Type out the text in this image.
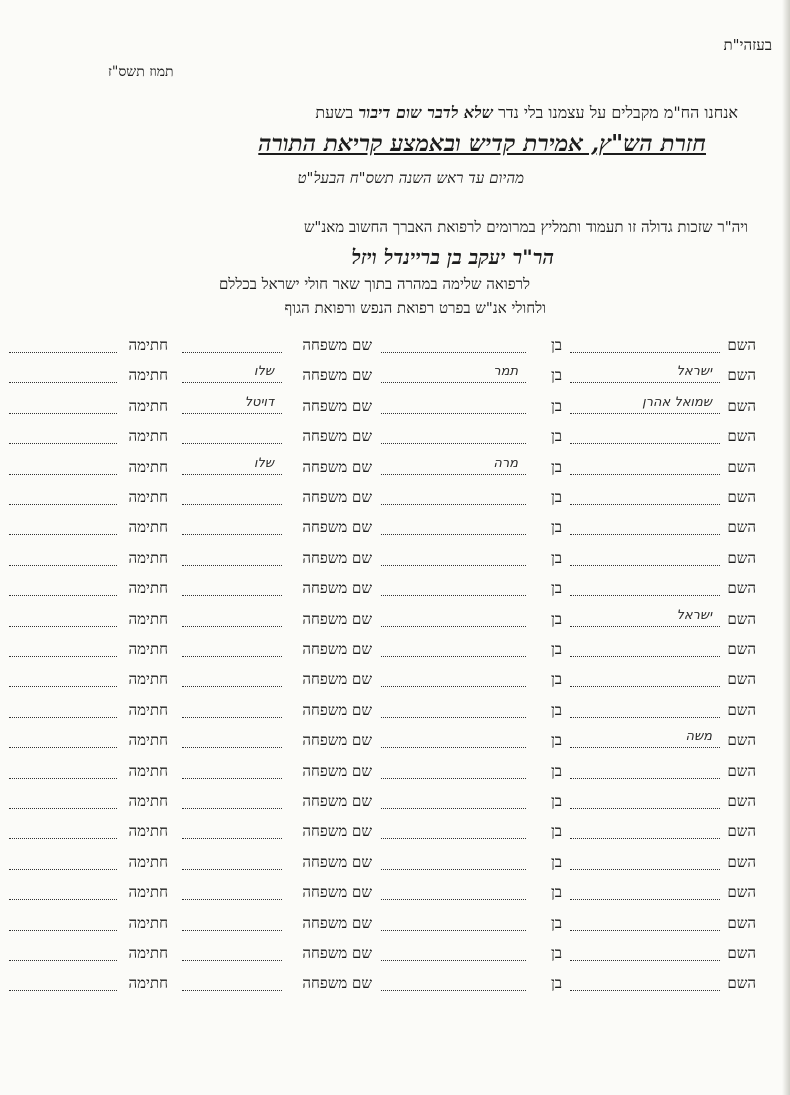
בעזהי"ת
תמוז תשס"ז
אנחנו הח"מ מקבלים על עצמנו בלי נדר שלא לדבר שום דיבור בשעת
חזרת הש"ץ, אמירת קדיש ובאמצע קריאת התורה
מהיום עד ראש השנה תשס"ח הבעל"ט
ויה"ר שזכות גדולה זו תעמוד ותמליץ במרומים לרפואת האברך החשוב מאנ"ש
הר"ר יעקב בן בריינדל ויזל
לרפואה שלימה במהרה בתוך שאר חולי ישראל בכללם
ולחולי אנ"ש בפרט רפואת הנפש ורפואת הגוף
השם
בן
שם משפחה
חתימה
השם
ישראל
בן
תמר
שם משפחה
שלו
חתימה
השם
שמואל אהרן
בן
שם משפחה
דויטל
חתימה
השם
בן
שם משפחה
חתימה
השם
בן
מרה
שם משפחה
שלו
חתימה
השם
בן
שם משפחה
חתימה
השם
בן
שם משפחה
חתימה
השם
בן
שם משפחה
חתימה
השם
בן
שם משפחה
חתימה
השם
ישראל
בן
שם משפחה
חתימה
השם
בן
שם משפחה
חתימה
השם
בן
שם משפחה
חתימה
השם
בן
שם משפחה
חתימה
השם
משה
בן
שם משפחה
חתימה
השם
בן
שם משפחה
חתימה
השם
בן
שם משפחה
חתימה
השם
בן
שם משפחה
חתימה
השם
בן
שם משפחה
חתימה
השם
בן
שם משפחה
חתימה
השם
בן
שם משפחה
חתימה
השם
בן
שם משפחה
חתימה
השם
בן
שם משפחה
חתימה
